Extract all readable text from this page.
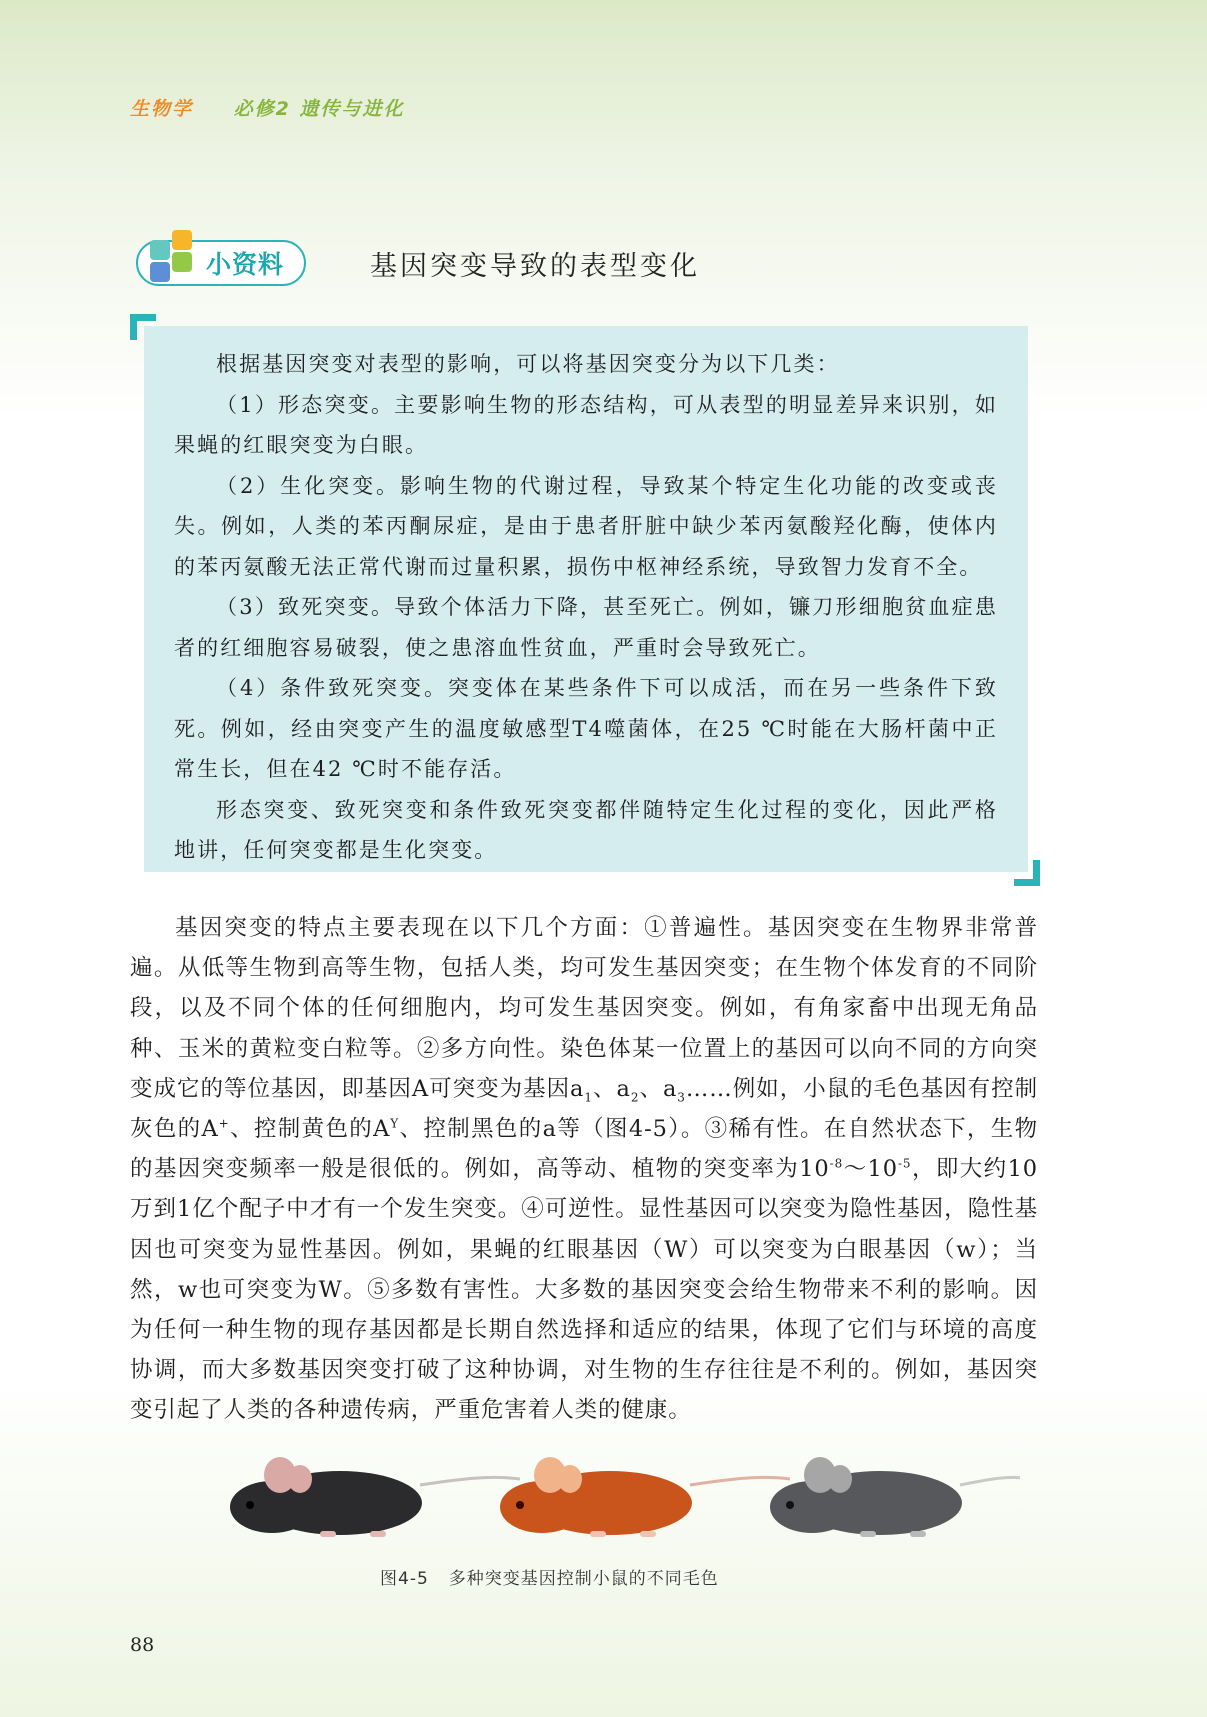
生物学 必修2 遗传与进化
小资料	基因突变导致的表型变化

根据基因突变对表型的影响，可以将基因突变分为以下几类：

（1）形态突变。主要影响生物的形态结构，可从表型的明显差异来识别，如果蝇的红眼突变为白眼。

（2）生化突变。影响生物的代谢过程，导致某个特定生化功能的改变或丧失。例如，人类的苯丙酮尿症，是由于患者肝脏中缺少苯丙氨酸羟化酶，使体内的苯丙氨酸无法正常代谢而过量积累，损伤中枢神经系统，导致智力发育不全。

（3）致死突变。导致个体活力下降，甚至死亡。例如，镰刀形细胞贫血症患者的红细胞容易破裂，使之患溶血性贫血，严重时会导致死亡。

（4）条件致死突变。突变体在某些条件下可以成活，而在另一些条件下致死。例如，经由突变产生的温度敏感型T4噬菌体，在25 ℃时能在大肠杆菌中正常生长，但在42 ℃时不能存活。

形态突变、致死突变和条件致死突变都伴随特定生化过程的变化，因此严格地讲，任何突变都是生化突变。

基因突变的特点主要表现在以下几个方面：①普遍性。基因突变在生物界非常普遍。从低等生物到高等生物，包括人类，均可发生基因突变；在生物个体发育的不同阶段，以及不同个体的任何细胞内，均可发生基因突变。例如，有角家畜中出现无角品种、玉米的黄粒变白粒等。②多方向性。染色体某一位置上的基因可以向不同的方向突变成它的等位基因，即基因A可突变为基因$a_1$、$a_2$、$a_3\dots\dots$例如，小鼠的毛色基因有控制灰色的A+、控制黄色的$A^Y$、控制黑色的a等（图4-5）。③稀有性。在自然状态下，生物的基因突变频率一般是很低的。例如，高等动、植物的突变率为$10^{-8}\sim 10^{-5}$，即大约10万到1亿个配子中才有一个发生突变。④可逆性。显性基因可以突变为隐性基因，隐性基因也可突变为显性基因。例如，果蝇的红眼基因（W）可以突变为白眼基因（w）；当然，w也可突变为W。⑤多数有害性。大多数的基因突变会给生物带来不利的影响。因为任何一种生物的现存基因都是长期自然选择和适应的结果，体现了它们与环境的高度协调，而大多数基因突变打破了这种协调，对生物的生存往往是不利的。例如，基因突变引起了人类的各种遗传病，严重危害着人类的健康。

图4-5 多种突变基因控制小鼠的不同毛色
88
